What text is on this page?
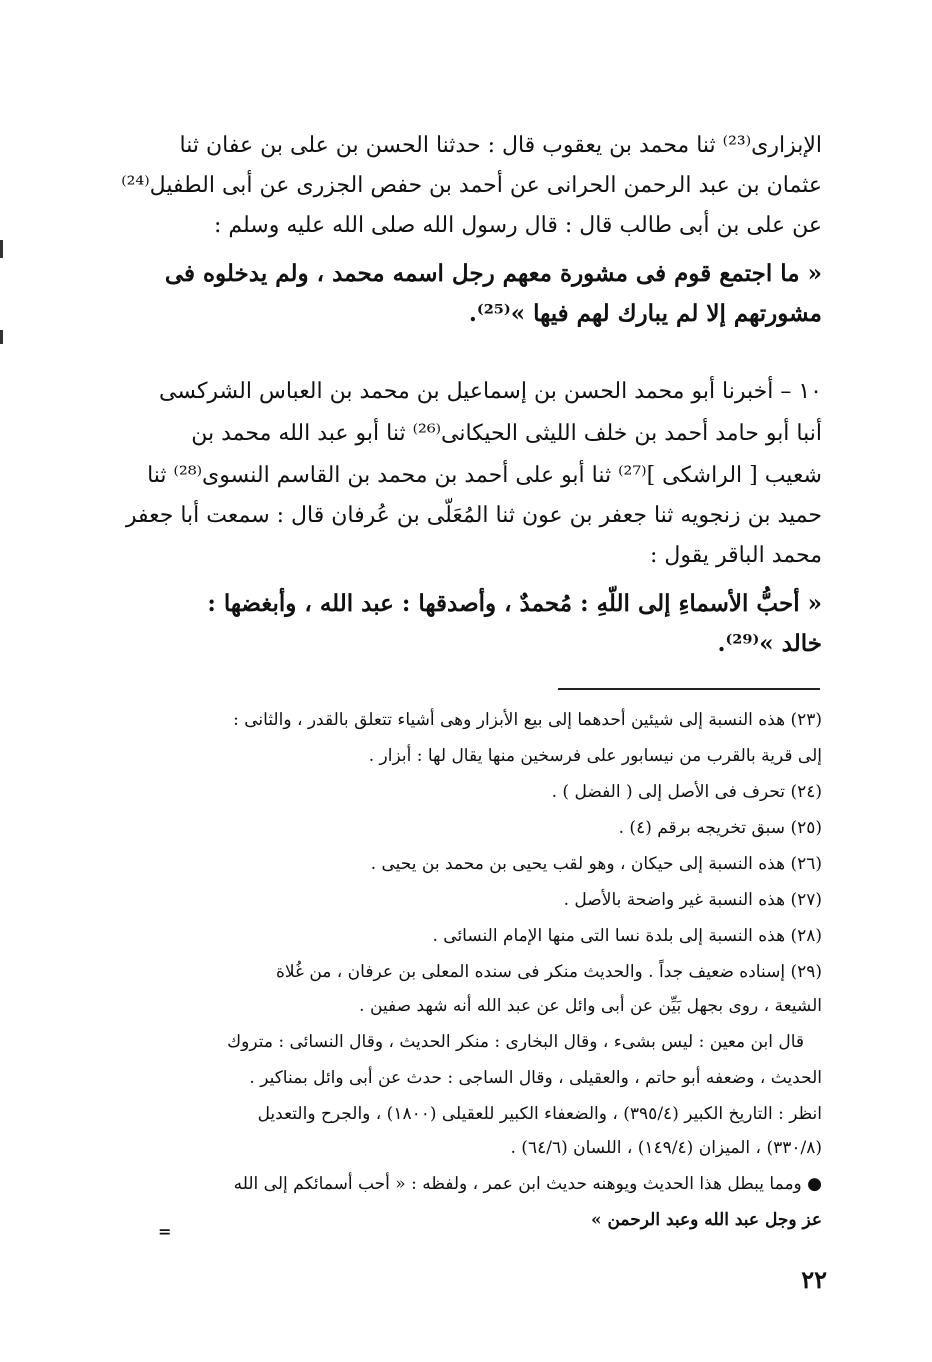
الإبزارى⁽²³⁾ ثنا محمد بن يعقوب قال : حدثنا الحسن بن على بن عفان ثنا

عثمان بن عبد الرحمن الحرانى عن أحمد بن حفص الجزرى عن أبى الطفيل⁽²⁴⁾

عن على بن أبى طالب قال : قال رسول الله صلى الله عليه وسلم :

« ما اجتمع قوم فى مشورة معهم رجل اسمه محمد ، ولم يدخلوه فى

مشورتهم إلا لم يبارك لهم فيها »⁽²⁵⁾.

١٠ – أخبرنا أبو محمد الحسن بن إسماعيل بن محمد بن العباس الشركسى

أنبا أبو حامد أحمد بن خلف الليثى الحيكانى⁽²⁶⁾ ثنا أبو عبد الله محمد بن

شعيب [ الراشكى ]⁽²⁷⁾ ثنا أبو على أحمد بن محمد بن القاسم النسوى⁽²⁸⁾ ثنا

حميد بن زنجويه ثنا جعفر بن عون ثنا المُعَلّى بن عُرفان قال : سمعت أبا جعفر

محمد الباقر يقول :

« أحبُّ الأسماءِ إلى اللّهِ : مُحمدٌ ، وأصدقها : عبد الله ، وأبغضها :

خالد »⁽²⁹⁾.

(٢٣) هذه النسبة إلى شيئين أحدهما إلى بيع الأبزار وهى أشياء تتعلق بالقدر ، والثانى :

إلى قرية بالقرب من نيسابور على فرسخين منها يقال لها : أبزار .

(٢٤) تحرف فى الأصل إلى ( الفضل ) .

(٢٥) سبق تخريجه برقم (٤) .

(٢٦) هذه النسبة إلى حيكان ، وهو لقب يحيى بن محمد بن يحيى .

(٢٧) هذه النسبة غير واضحة بالأصل .

(٢٨) هذه النسبة إلى بلدة نسا التى منها الإمام النسائى .

(٢٩) إسناده ضعيف جداً . والحديث منكر فى سنده المعلى بن عرفان ، من غُلاة

الشيعة ، روى بجهل بَيِّن عن أبى وائل عن عبد الله أنه شهد صفين .

قال ابن معين : ليس بشىء ، وقال البخارى : منكر الحديث ، وقال النسائى : متروك

الحديث ، وضعفه أبو حاتم ، والعقيلى ، وقال الساجى : حدث عن أبى وائل بمناكير .

انظر : التاريخ الكبير (٣٩٥/٤) ، والضعفاء الكبير للعقيلى (١٨٠٠) ، والجرح والتعديل

(٣٣٠/٨) ، الميزان (١٤٩/٤) ، اللسان (٦٤/٦) .

● ومما يبطل هذا الحديث ويوهنه حديث ابن عمر ، ولفظه : « أحب أسمائكم إلى الله

عز وجل عبد الله وعبد الرحمن »

=
٢٢
